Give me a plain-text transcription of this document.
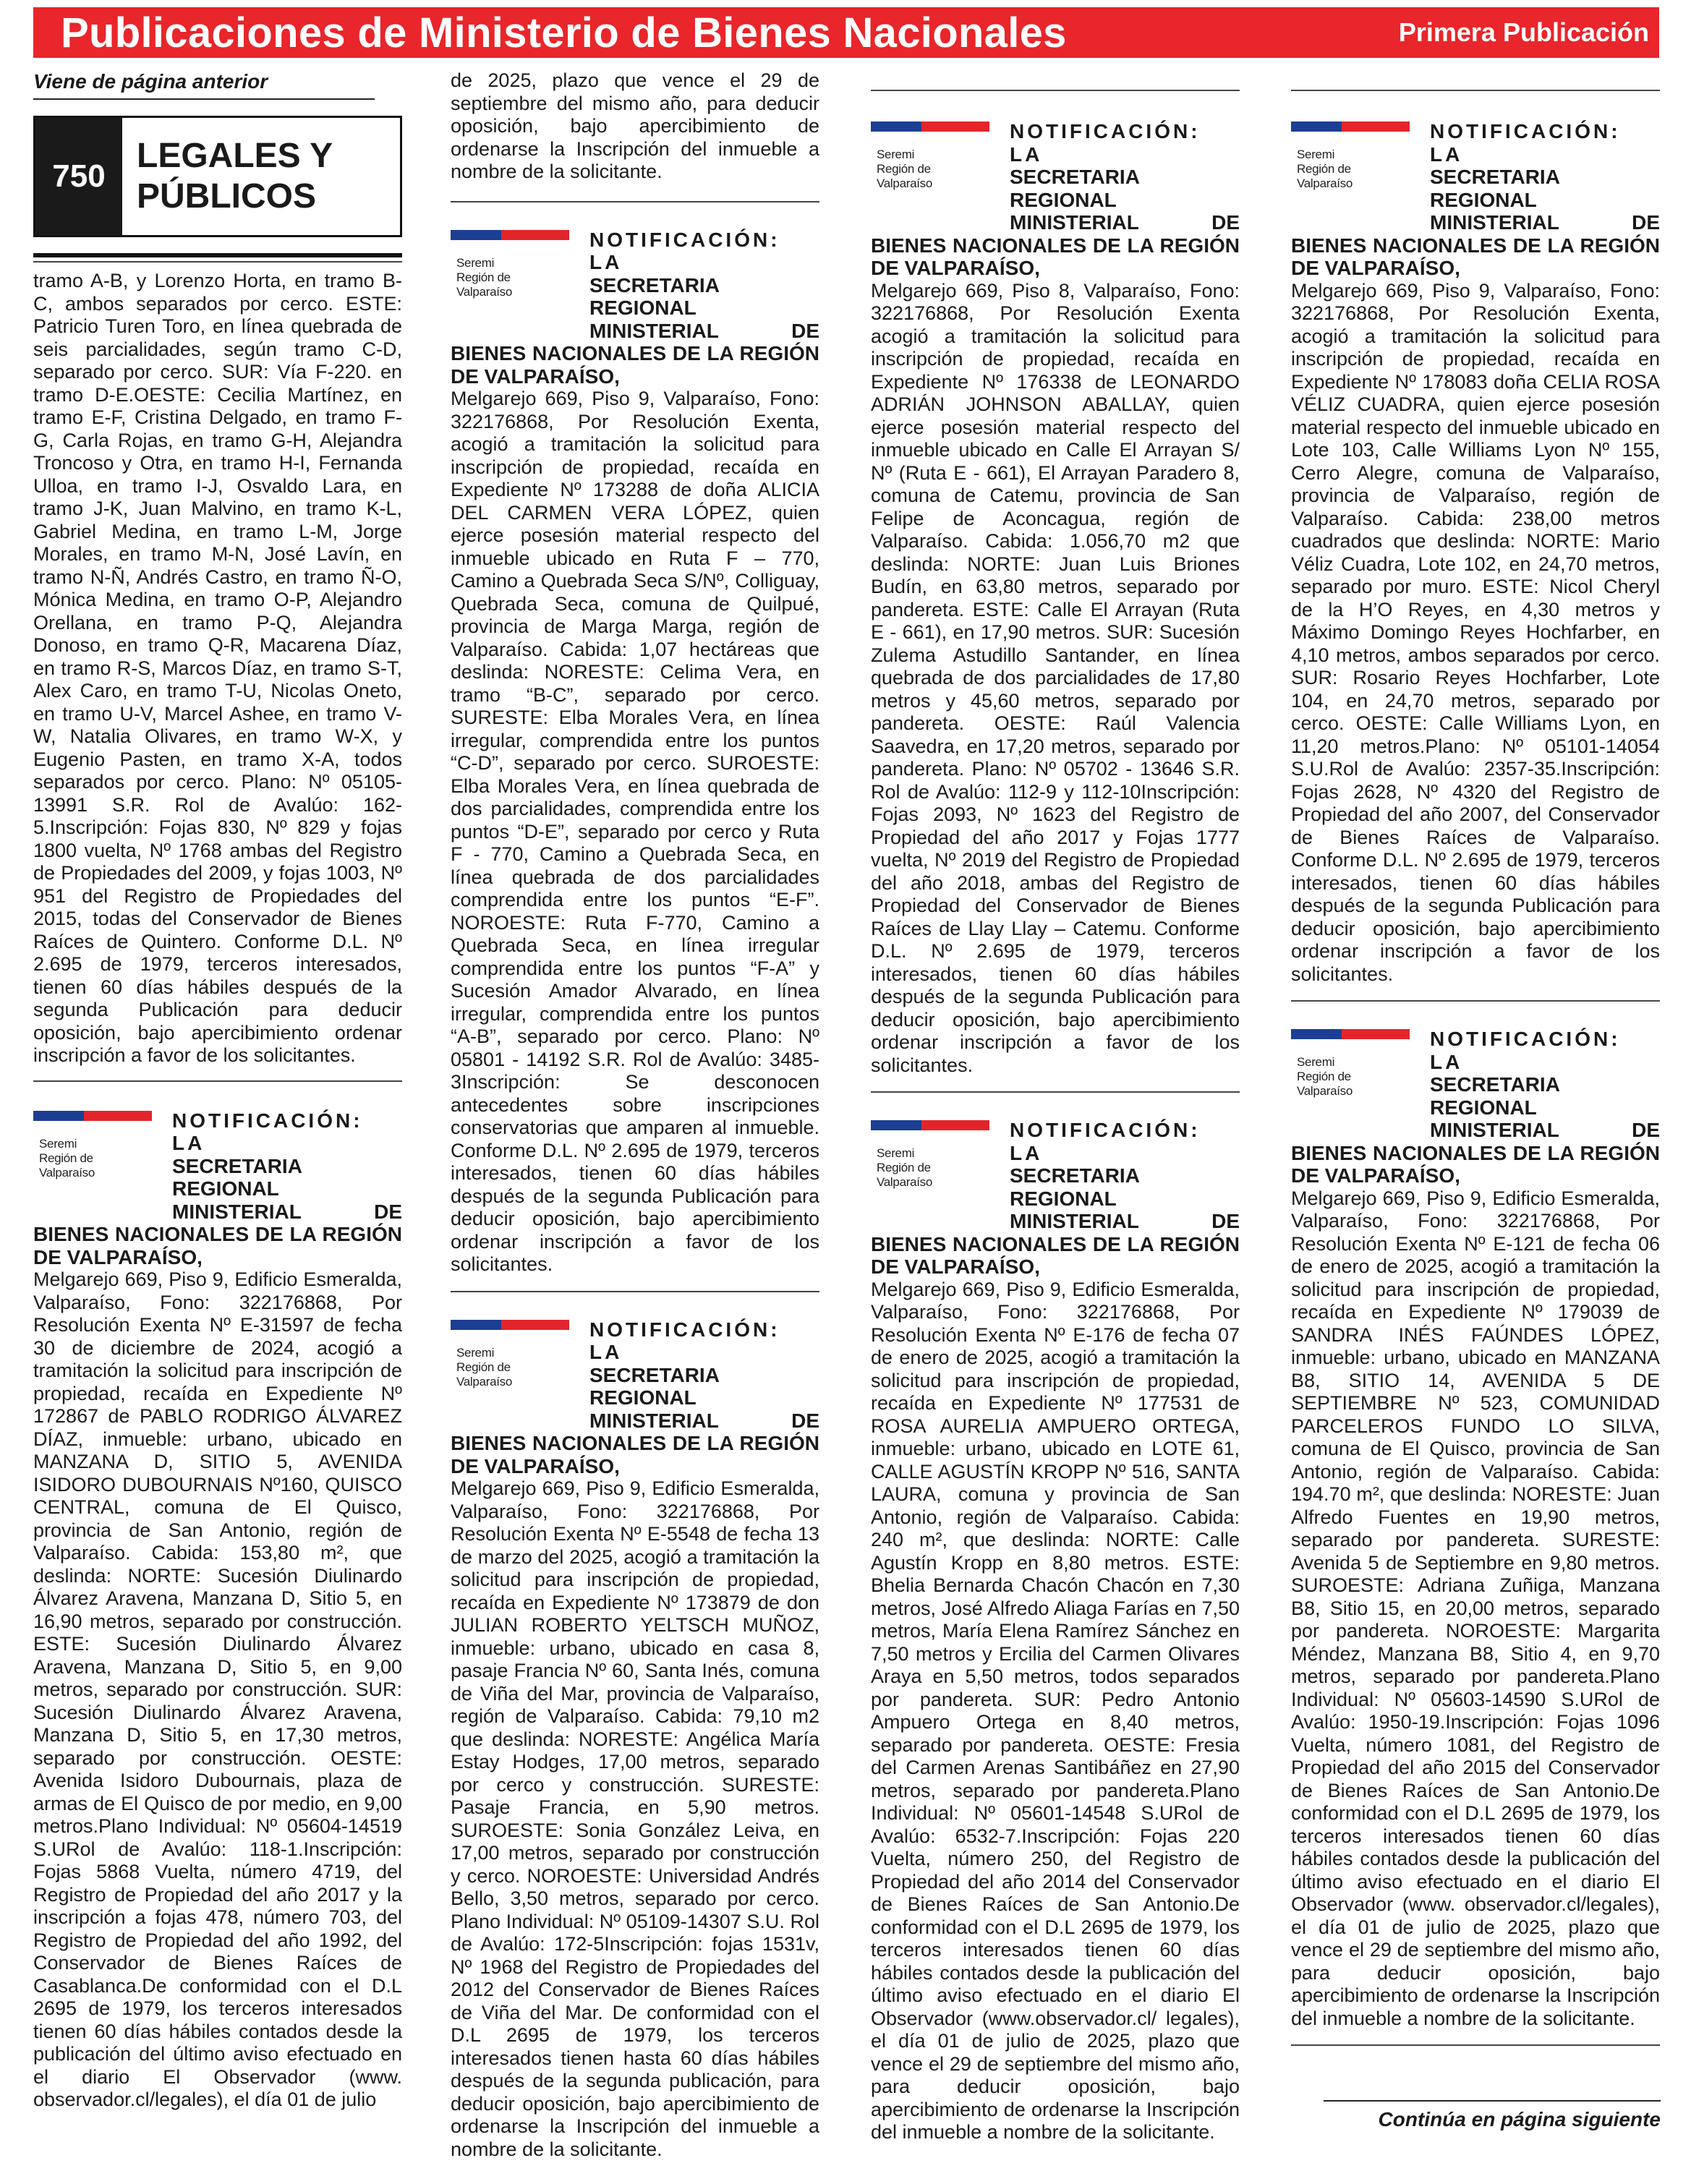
Publicaciones de Ministerio de Bienes Nacionales	Primera Publicación
Viene de página anterior
750
LEGALES Y
PÚBLICOS
tramo A-B, y Lorenzo Horta, en tramo B-C, ambos separados por cerco. ESTE: Patricio Turen Toro, en línea quebrada de seis parcialidades, según tramo C-D, separado por cerco. SUR: Vía F-220. en tramo D-E.OESTE: Cecilia Martínez, en tramo E-F, Cristina Delgado, en tramo F-G, Carla Rojas, en tramo G-H, Alejandra Troncoso y Otra, en tramo H-I, Fernanda Ulloa, en tramo I-J, Osvaldo Lara, en tramo J-K, Juan Malvino, en tramo K-L, Gabriel Medina, en tramo L-M, Jorge Morales, en tramo M-N, José Lavín, en tramo N-Ñ, Andrés Castro, en tramo Ñ-O, Mónica Medina, en tramo O-P, Alejandro Orellana, en tramo P-Q, Alejandra Donoso, en tramo Q-R, Macarena Díaz, en tramo R-S, Marcos Díaz, en tramo S-T, Alex Caro, en tramo T-U, Nicolas Oneto, en tramo U-V, Marcel Ashee, en tramo V-W, Natalia Olivares, en tramo W-X, y Eugenio Pasten, en tramo X-A, todos separados por cerco. Plano: Nº 05105-13991 S.R. Rol de Avalúo: 162-5.Inscripción: Fojas 830, Nº 829 y fojas 1800 vuelta, Nº 1768 ambas del Registro de Propiedades del 2009, y fojas 1003, Nº 951 del Registro de Propiedades del 2015, todas del Conservador de Bienes Raíces de Quintero. Conforme D.L. Nº 2.695 de 1979, terceros interesados, tienen 60 días hábiles después de la segunda Publicación para deducir oposición, bajo apercibimiento ordenar inscripción a favor de los solicitantes.
Seremi
Región de
Valparaíso
NOTIFICACIÓN: LA
SECRETARIA REGIONAL MINISTERIAL DE BIENES NACIONALES DE LA REGIÓN DE VALPARAÍSO,
Melgarejo 669, Piso 9, Edificio Esmeralda, Valparaíso, Fono: 322176868, Por Resolución Exenta Nº E-31597 de fecha 30 de diciembre de 2024, acogió a tramitación la solicitud para inscripción de propiedad, recaída en Expediente Nº 172867 de PABLO RODRIGO ÁLVAREZ DÍAZ, inmueble: urbano, ubicado en MANZANA D, SITIO 5, AVENIDA ISIDORO DUBOURNAIS Nº160, QUISCO CENTRAL, comuna de El Quisco, provincia de San Antonio, región de Valparaíso. Cabida: 153,80 m², que deslinda: NORTE: Sucesión Diulinardo Álvarez Aravena, Manzana D, Sitio 5, en 16,90 metros, separado por construcción. ESTE: Sucesión Diulinardo Álvarez Aravena, Manzana D, Sitio 5, en 9,00 metros, separado por construcción. SUR: Sucesión Diulinardo Álvarez Aravena, Manzana D, Sitio 5, en 17,30 metros, separado por construcción. OESTE: Avenida Isidoro Dubournais, plaza de armas de El Quisco de por medio, en 9,00 metros.Plano Individual: Nº 05604-14519 S.URol de Avalúo: 118-1.Inscripción: Fojas 5868 Vuelta, número 4719, del Registro de Propiedad del año 2017 y la inscripción a fojas 478, número 703, del Registro de Propiedad del año 1992, del Conservador de Bienes Raíces de Casablanca.De conformidad con el D.L 2695 de 1979, los terceros interesados tienen 60 días hábiles contados desde la publicación del último aviso efectuado en el diario El Observador (www. observador.cl/legales), el día 01 de julio
de 2025, plazo que vence el 29 de septiembre del mismo año, para deducir oposición, bajo apercibimiento de ordenarse la Inscripción del inmueble a nombre de la solicitante.
Seremi
Región de
Valparaíso
NOTIFICACIÓN: LA
SECRETARIA REGIONAL MINISTERIAL DE BIENES NACIONALES DE LA REGIÓN DE VALPARAÍSO,
Melgarejo 669, Piso 9, Valparaíso, Fono: 322176868, Por Resolución Exenta, acogió a tramitación la solicitud para inscripción de propiedad, recaída en Expediente Nº 173288 de doña ALICIA DEL CARMEN VERA LÓPEZ, quien ejerce posesión material respecto del inmueble ubicado en Ruta F – 770, Camino a Quebrada Seca S/Nº, Colliguay, Quebrada Seca, comuna de Quilpué, provincia de Marga Marga, región de Valparaíso. Cabida: 1,07 hectáreas que deslinda: NORESTE: Celima Vera, en tramo “B-C”, separado por cerco. SURESTE: Elba Morales Vera, en línea irregular, comprendida entre los puntos “C-D”, separado por cerco. SUROESTE: Elba Morales Vera, en línea quebrada de dos parcialidades, comprendida entre los puntos “D-E”, separado por cerco y Ruta F - 770, Camino a Quebrada Seca, en línea quebrada de dos parcialidades comprendida entre los puntos “E-F”. NOROESTE: Ruta F-770, Camino a Quebrada Seca, en línea irregular comprendida entre los puntos “F-A” y Sucesión Amador Alvarado, en línea irregular, comprendida entre los puntos “A-B”, separado por cerco. Plano: Nº 05801 - 14192 S.R. Rol de Avalúo: 3485-3Inscripción: Se desconocen antecedentes sobre inscripciones conservatorias que amparen al inmueble. Conforme D.L. Nº 2.695 de 1979, terceros interesados, tienen 60 días hábiles después de la segunda Publicación para deducir oposición, bajo apercibimiento ordenar inscripción a favor de los solicitantes.
Seremi
Región de
Valparaíso
NOTIFICACIÓN: LA
SECRETARIA REGIONAL MINISTERIAL DE BIENES NACIONALES DE LA REGIÓN DE VALPARAÍSO,
Melgarejo 669, Piso 9, Edificio Esmeralda, Valparaíso, Fono: 322176868, Por Resolución Exenta Nº E-5548 de fecha 13 de marzo del 2025, acogió a tramitación la solicitud para inscripción de propiedad, recaída en Expediente Nº 173879 de don JULIAN ROBERTO YELTSCH MUÑOZ, inmueble: urbano, ubicado en casa 8, pasaje Francia Nº 60, Santa Inés, comuna de Viña del Mar, provincia de Valparaíso, región de Valparaíso. Cabida: 79,10 m2 que deslinda: NORESTE: Angélica María Estay Hodges, 17,00 metros, separado por cerco y construcción. SURESTE: Pasaje Francia, en 5,90 metros. SUROESTE: Sonia González Leiva, en 17,00 metros, separado por construcción y cerco. NOROESTE: Universidad Andrés Bello, 3,50 metros, separado por cerco. Plano Individual: Nº 05109-14307 S.U. Rol de Avalúo: 172-5Inscripción: fojas 1531v, Nº 1968 del Registro de Propiedades del 2012 del Conservador de Bienes Raíces de Viña del Mar. De conformidad con el D.L 2695 de 1979, los terceros interesados tienen hasta 60 días hábiles después de la segunda publicación, para deducir oposición, bajo apercibimiento de ordenarse la Inscripción del inmueble a nombre de la solicitante.
Seremi
Región de
Valparaíso
NOTIFICACIÓN: LA
SECRETARIA REGIONAL MINISTERIAL DE BIENES NACIONALES DE LA REGIÓN DE VALPARAÍSO,
Melgarejo 669, Piso 8, Valparaíso, Fono: 322176868, Por Resolución Exenta acogió a tramitación la solicitud para inscripción de propiedad, recaída en Expediente Nº 176338 de LEONARDO ADRIÁN JOHNSON ABALLAY, quien ejerce posesión material respecto del inmueble ubicado en Calle El Arrayan S/ Nº (Ruta E - 661), El Arrayan Paradero 8, comuna de Catemu, provincia de San Felipe de Aconcagua, región de Valparaíso. Cabida: 1.056,70 m2 que deslinda: NORTE: Juan Luis Briones Budín, en 63,80 metros, separado por pandereta. ESTE: Calle El Arrayan (Ruta E - 661), en 17,90 metros. SUR: Sucesión Zulema Astudillo Santander, en línea quebrada de dos parcialidades de 17,80 metros y 45,60 metros, separado por pandereta. OESTE: Raúl Valencia Saavedra, en 17,20 metros, separado por pandereta. Plano: Nº 05702 - 13646 S.R. Rol de Avalúo: 112-9 y 112-10Inscripción: Fojas 2093, Nº 1623 del Registro de Propiedad del año 2017 y Fojas 1777 vuelta, Nº 2019 del Registro de Propiedad del año 2018, ambas del Registro de Propiedad del Conservador de Bienes Raíces de Llay Llay – Catemu. Conforme D.L. Nº 2.695 de 1979, terceros interesados, tienen 60 días hábiles después de la segunda Publicación para deducir oposición, bajo apercibimiento ordenar inscripción a favor de los solicitantes.
Seremi
Región de
Valparaíso
NOTIFICACIÓN: LA
SECRETARIA REGIONAL MINISTERIAL DE BIENES NACIONALES DE LA REGIÓN DE VALPARAÍSO,
Melgarejo 669, Piso 9, Edificio Esmeralda, Valparaíso, Fono: 322176868, Por Resolución Exenta Nº E-176 de fecha 07 de enero de 2025, acogió a tramitación la solicitud para inscripción de propiedad, recaída en Expediente Nº 177531 de ROSA AURELIA AMPUERO ORTEGA, inmueble: urbano, ubicado en LOTE 61, CALLE AGUSTÍN KROPP Nº 516, SANTA LAURA, comuna y provincia de San Antonio, región de Valparaíso. Cabida: 240 m², que deslinda: NORTE: Calle Agustín Kropp en 8,80 metros. ESTE: Bhelia Bernarda Chacón Chacón en 7,30 metros, José Alfredo Aliaga Farías en 7,50 metros, María Elena Ramírez Sánchez en 7,50 metros y Ercilia del Carmen Olivares Araya en 5,50 metros, todos separados por pandereta. SUR: Pedro Antonio Ampuero Ortega en 8,40 metros, separado por pandereta. OESTE: Fresia del Carmen Arenas Santibáñez en 27,90 metros, separado por pandereta.Plano Individual: Nº 05601-14548 S.URol de Avalúo: 6532-7.Inscripción: Fojas 220 Vuelta, número 250, del Registro de Propiedad del año 2014 del Conservador de Bienes Raíces de San Antonio.De conformidad con el D.L 2695 de 1979, los terceros interesados tienen 60 días hábiles contados desde la publicación del último aviso efectuado en el diario El Observador (www.observador.cl/ legales), el día 01 de julio de 2025, plazo que vence el 29 de septiembre del mismo año, para deducir oposición, bajo apercibimiento de ordenarse la Inscripción del inmueble a nombre de la solicitante.
Seremi
Región de
Valparaíso
NOTIFICACIÓN: LA
SECRETARIA REGIONAL MINISTERIAL DE BIENES NACIONALES DE LA REGIÓN DE VALPARAÍSO,
Melgarejo 669, Piso 9, Valparaíso, Fono: 322176868, Por Resolución Exenta, acogió a tramitación la solicitud para inscripción de propiedad, recaída en Expediente Nº 178083 doña CELIA ROSA VÉLIZ CUADRA, quien ejerce posesión material respecto del inmueble ubicado en Lote 103, Calle Williams Lyon Nº 155, Cerro Alegre, comuna de Valparaíso, provincia de Valparaíso, región de Valparaíso. Cabida: 238,00 metros cuadrados que deslinda: NORTE: Mario Véliz Cuadra, Lote 102, en 24,70 metros, separado por muro. ESTE: Nicol Cheryl de la H’O Reyes, en 4,30 metros y Máximo Domingo Reyes Hochfarber, en 4,10 metros, ambos separados por cerco. SUR: Rosario Reyes Hochfarber, Lote 104, en 24,70 metros, separado por cerco. OESTE: Calle Williams Lyon, en 11,20 metros.Plano: Nº 05101-14054 S.U.Rol de Avalúo: 2357-35.Inscripción: Fojas 2628, Nº 4320 del Registro de Propiedad del año 2007, del Conservador de Bienes Raíces de Valparaíso. Conforme D.L. Nº 2.695 de 1979, terceros interesados, tienen 60 días hábiles después de la segunda Publicación para deducir oposición, bajo apercibimiento ordenar inscripción a favor de los solicitantes.
Seremi
Región de
Valparaíso
NOTIFICACIÓN: LA
SECRETARIA REGIONAL MINISTERIAL DE BIENES NACIONALES DE LA REGIÓN DE VALPARAÍSO,
Melgarejo 669, Piso 9, Edificio Esmeralda, Valparaíso, Fono: 322176868, Por Resolución Exenta Nº E-121 de fecha 06 de enero de 2025, acogió a tramitación la solicitud para inscripción de propiedad, recaída en Expediente Nº 179039 de SANDRA INÉS FAÚNDES LÓPEZ, inmueble: urbano, ubicado en MANZANA B8, SITIO 14, AVENIDA 5 DE SEPTIEMBRE Nº 523, COMUNIDAD PARCELEROS FUNDO LO SILVA, comuna de El Quisco, provincia de San Antonio, región de Valparaíso. Cabida: 194.70 m², que deslinda: NORESTE: Juan Alfredo Fuentes en 19,90 metros, separado por pandereta. SURESTE: Avenida 5 de Septiembre en 9,80 metros. SUROESTE: Adriana Zuñiga, Manzana B8, Sitio 15, en 20,00 metros, separado por pandereta. NOROESTE: Margarita Méndez, Manzana B8, Sitio 4, en 9,70 metros, separado por pandereta.Plano Individual: Nº 05603-14590 S.URol de Avalúo: 1950-19.Inscripción: Fojas 1096 Vuelta, número 1081, del Registro de Propiedad del año 2015 del Conservador de Bienes Raíces de San Antonio.De conformidad con el D.L 2695 de 1979, los terceros interesados tienen 60 días hábiles contados desde la publicación del último aviso efectuado en el diario El Observador (www. observador.cl/legales), el día 01 de julio de 2025, plazo que vence el 29 de septiembre del mismo año, para deducir oposición, bajo apercibimiento de ordenarse la Inscripción del inmueble a nombre de la solicitante.
Continúa en página siguiente
